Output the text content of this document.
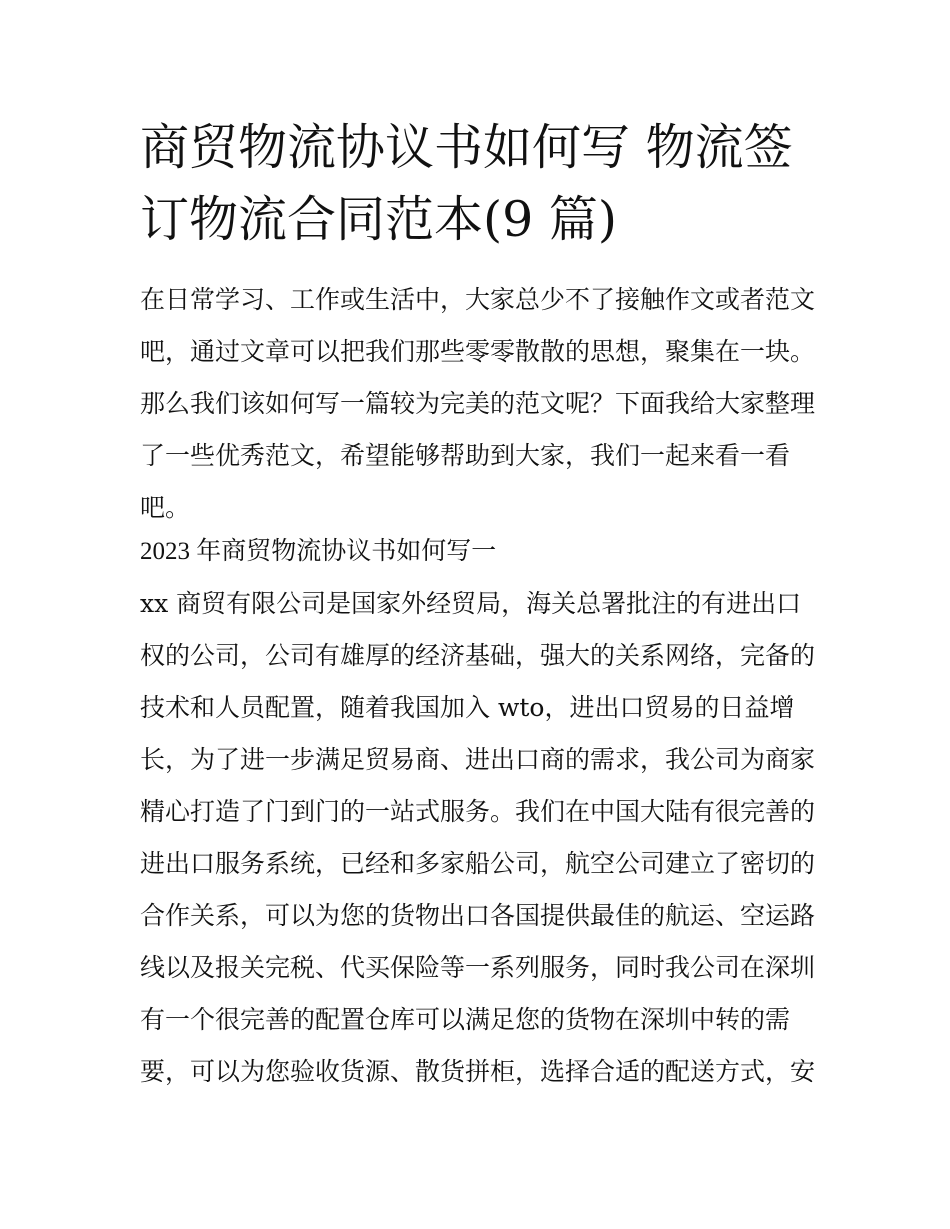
商贸物流协议书如何写 物流签
订物流合同范本(9 篇)
在日常学习、工作或生活中，大家总少不了接触作文或者范文
吧，通过文章可以把我们那些零零散散的思想，聚集在一块。
那么我们该如何写一篇较为完美的范文呢？下面我给大家整理
了一些优秀范文，希望能够帮助到大家，我们一起来看一看
吧。
2023 年商贸物流协议书如何写一
xx 商贸有限公司是国家外经贸局，海关总署批注的有进出口
权的公司，公司有雄厚的经济基础，强大的关系网络，完备的
技术和人员配置，随着我国加入 wto，进出口贸易的日益增
长，为了进一步满足贸易商、进出口商的需求，我公司为商家
精心打造了门到门的一站式服务。我们在中国大陆有很完善的
进出口服务系统，已经和多家船公司，航空公司建立了密切的
合作关系，可以为您的货物出口各国提供最佳的航运、空运路
线以及报关完税、代买保险等一系列服务，同时我公司在深圳
有一个很完善的配置仓库可以满足您的货物在深圳中转的需
要，可以为您验收货源、散货拼柜，选择合适的配送方式，安
